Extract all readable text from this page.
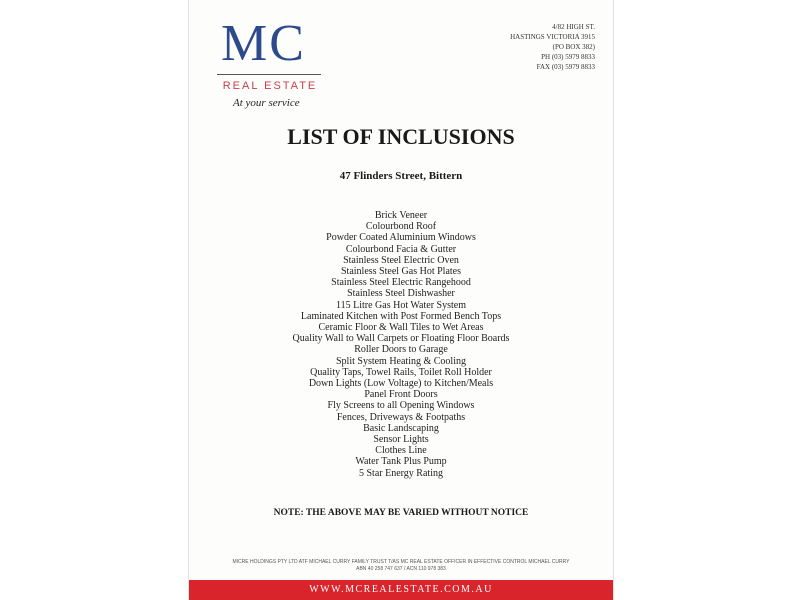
MC
REAL ESTATE
At your service
4/82 HIGH ST.
HASTINGS VICTORIA 3915
(PO BOX 382)
PH (03) 5979 8833
FAX (03) 5979 8833
LIST OF INCLUSIONS
47 Flinders Street, Bittern
Brick Veneer
Colourbond Roof
Powder Coated Aluminium Windows
Colourbond Facia & Gutter
Stainless Steel Electric Oven
Stainless Steel Gas Hot Plates
Stainless Steel Electric Rangehood
Stainless Steel Dishwasher
115 Litre Gas Hot Water System
Laminated Kitchen with Post Formed Bench Tops
Ceramic Floor & Wall Tiles to Wet Areas
Quality Wall to Wall Carpets or Floating Floor Boards
Roller Doors to Garage
Split System Heating & Cooling
Quality Taps, Towel Rails, Toilet Roll Holder
Down Lights (Low Voltage) to Kitchen/Meals
Panel Front Doors
Fly Screens to all Opening Windows
Fences, Driveways & Footpaths
Basic Landscaping
Sensor Lights
Clothes Line
Water Tank Plus Pump
5 Star Energy Rating
NOTE: THE ABOVE MAY BE VARIED WITHOUT NOTICE
MICRE HOLDINGS PTY LTD ATF MICHAEL CURRY FAMILY TRUST T/AS MC REAL ESTATE OFFICER IN EFFECTIVE CONTROL MICHAEL CURRY
ABN 40 258 747 637 / ACN 110 978 383
WWW.MCREALESTATE.COM.AU
